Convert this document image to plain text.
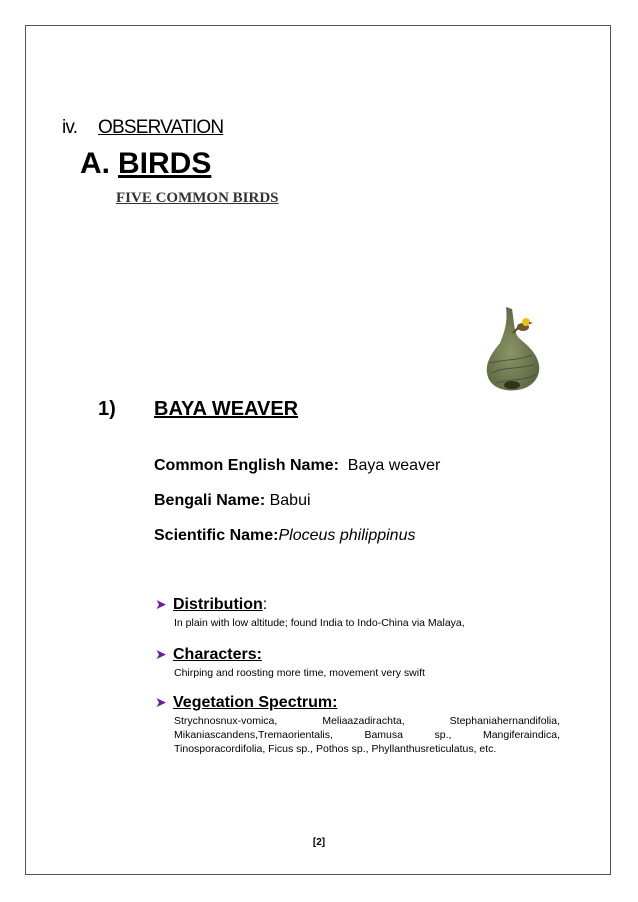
iv. OBSERVATION
A. BIRDS
FIVE COMMON BIRDS
1) BAYA WEAVER
Common English Name: Baya weaver
Bengali Name: Babui
Scientific Name:Ploceus philippinus
➤ Distribution:
In plain with low altitude; found India to Indo-China via Malaya,
➤ Characters:
Chirping and roosting more time, movement very swift
➤ Vegetation Spectrum:
Strychnosnux-vomica, Meliaazadirachta, Stephaniahernandifolia, Mikaniascandens,Tremaorientalis, Bamusa sp., Mangiferaindica, Tinosporacordifolia, Ficus sp., Pothos sp., Phyllanthusreticulatus, etc.
[2]
